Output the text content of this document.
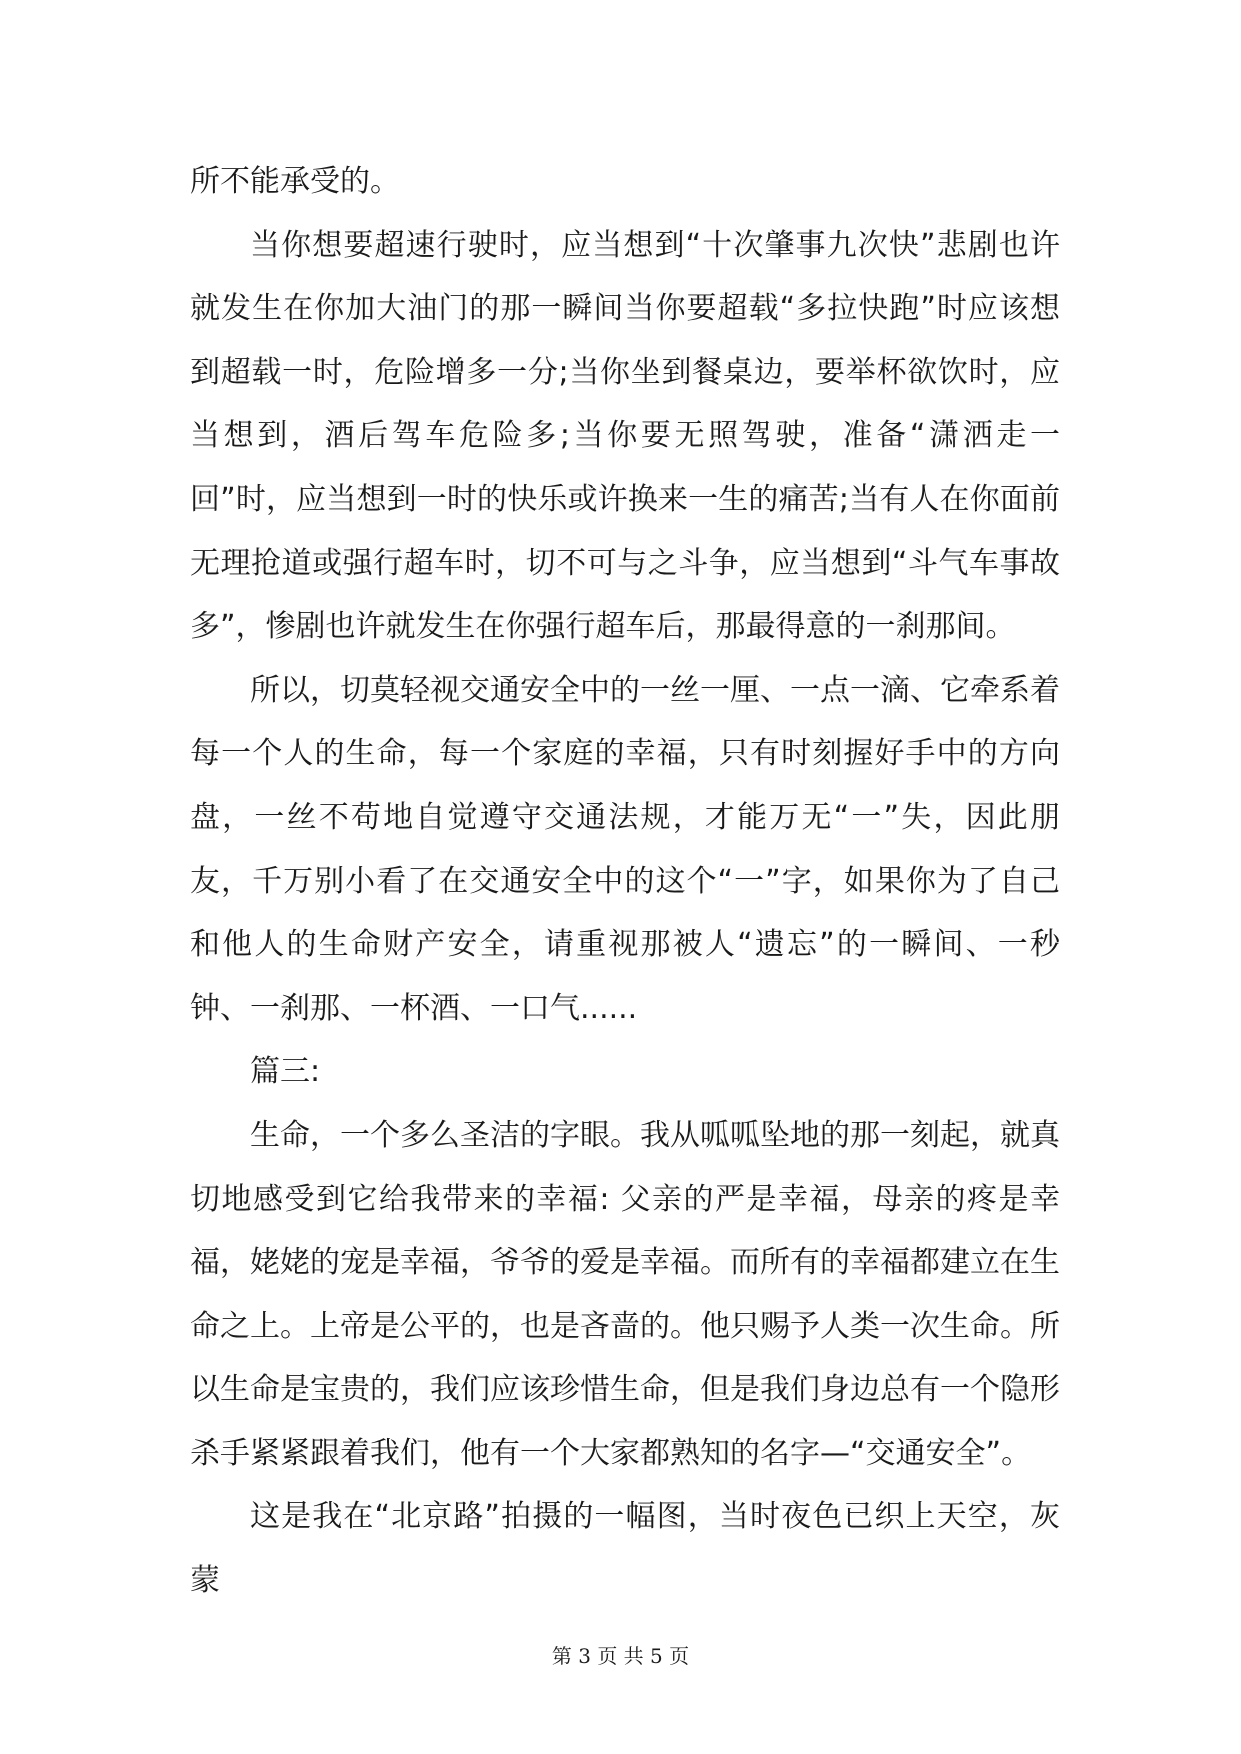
所不能承受的。

当你想要超速行驶时，应当想到“十次肇事九次快”悲剧也许就发生在你加大油门的那一瞬间当你要超载“多拉快跑”时应该想到超载一时，危险增多一分;当你坐到餐桌边，要举杯欲饮时，应当想到，酒后驾车危险多;当你要无照驾驶，准备“潇洒走一回”时，应当想到一时的快乐或许换来一生的痛苦;当有人在你面前无理抢道或强行超车时，切不可与之斗争，应当想到“斗气车事故多”，惨剧也许就发生在你强行超车后，那最得意的一刹那间。

所以，切莫轻视交通安全中的一丝一厘、一点一滴、它牵系着每一个人的生命，每一个家庭的幸福，只有时刻握好手中的方向盘，一丝不苟地自觉遵守交通法规，才能万无“一”失，因此朋友，千万别小看了在交通安全中的这个“一”字，如果你为了自己和他人的生命财产安全，请重视那被人“遗忘”的一瞬间、一秒钟、一刹那、一杯酒、一口气......

篇三:

生命，一个多么圣洁的字眼。我从呱呱坠地的那一刻起，就真切地感受到它给我带来的幸福: 父亲的严是幸福，母亲的疼是幸福，姥姥的宠是幸福，爷爷的爱是幸福。而所有的幸福都建立在生命之上。上帝是公平的，也是吝啬的。他只赐予人类一次生命。所以生命是宝贵的，我们应该珍惜生命，但是我们身边总有一个隐形杀手紧紧跟着我们，他有一个大家都熟知的名字—“交通安全”。

这是我在“北京路”拍摄的一幅图，当时夜色已织上天空，灰蒙

第 3 页 共 5 页
